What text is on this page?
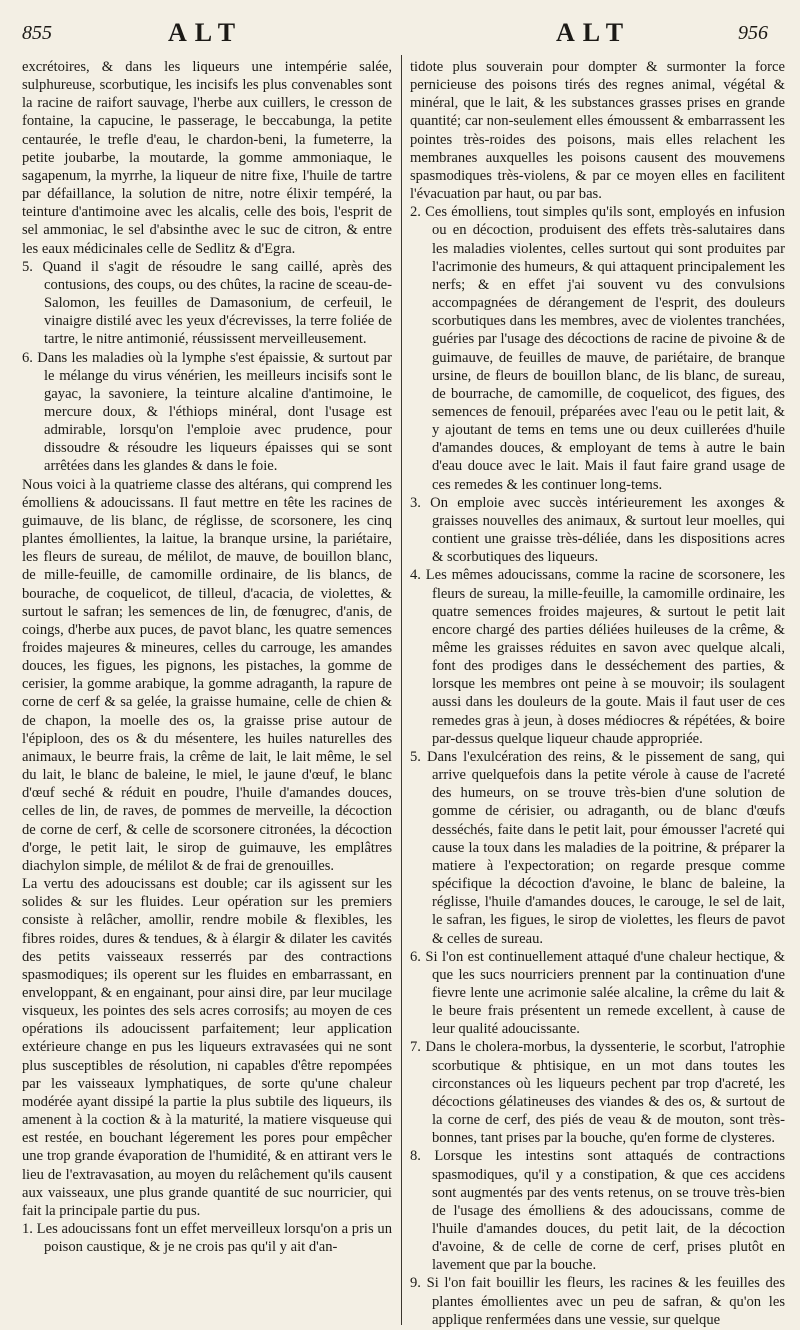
855	ALT	ALT	956

excrétoires, & dans les liqueurs une intempérie salée, sulphureuse, scorbutique, les incisifs les plus convenables sont la racine de raifort sauvage, l'herbe aux cuillers, le cresson de fontaine, la capucine, le passerage, le beccabunga, la petite centaurée, le trefle d'eau, le chardon-beni, la fumeterre, la petite joubarbe, la moutarde, la gomme ammoniaque, le sagapenum, la myrrhe, la liqueur de nitre fixe, l'huile de tartre par défaillance, la solution de nitre, notre élixir tempéré, la teinture d'antimoine avec les alcalis, celle des bois, l'esprit de sel ammoniac, le sel d'absinthe avec le suc de citron, & entre les eaux médicinales celle de Sedlitz & d'Egra.

5. Quand il s'agit de résoudre le sang caillé, après des contusions, des coups, ou des chûtes, la racine de sceau-de-Salomon, les feuilles de Damasonium, de cerfeuil, le vinaigre distilé avec les yeux d'écrevisses, la terre foliée de tartre, le nitre antimonié, réussissent merveilleusement.

6. Dans les maladies où la lymphe s'est épaissie, & surtout par le mélange du virus vénérien, les meilleurs incisifs sont le gayac, la savoniere, la teinture alcaline d'antimoine, le mercure doux, & l'éthiops minéral, dont l'usage est admirable, lorsqu'on l'emploie avec prudence, pour dissoudre & résoudre les liqueurs épaisses qui se sont arrêtées dans les glandes & dans le foie.

Nous voici à la quatrieme classe des altérans, qui comprend les émolliens & adoucissans. Il faut mettre en tête les racines de guimauve, de lis blanc, de réglisse, de scorsonere, les cinq plantes émollientes, la laitue, la branque ursine, la pariétaire, les fleurs de sureau, de mélilot, de mauve, de bouillon blanc, de mille-feuille, de camomille ordinaire, de lis blancs, de bourache, de coquelicot, de tilleul, d'acacia, de violettes, & surtout le safran; les semences de lin, de fœnugrec, d'anis, de coings, d'herbe aux puces, de pavot blanc, les quatre semences froides majeures & mineures, celles du carrouge, les amandes douces, les figues, les pignons, les pistaches, la gomme de cerisier, la gomme arabique, la gomme adraganth, la rapure de corne de cerf & sa gelée, la graisse humaine, celle de chien & de chapon, la moelle des os, la graisse prise autour de l'épiploon, des os & du mésentere, les huiles naturelles des animaux, le beurre frais, la crême de lait, le lait même, le sel du lait, le blanc de baleine, le miel, le jaune d'œuf, le blanc d'œuf seché & réduit en poudre, l'huile d'amandes douces, celles de lin, de raves, de pommes de merveille, la décoction de corne de cerf, & celle de scorsonere citronées, la décoction d'orge, le petit lait, le sirop de guimauve, les emplâtres diachylon simple, de mélilot & de frai de grenouilles.

La vertu des adoucissans est double; car ils agissent sur les solides & sur les fluides. Leur opération sur les premiers consiste à relâcher, amollir, rendre mobile & flexibles, les fibres roides, dures & tendues, & à élargir & dilater les cavités des petits vaisseaux resserrés par des contractions spasmodiques; ils operent sur les fluides en embarrassant, en enveloppant, & en engainant, pour ainsi dire, par leur mucilage visqueux, les pointes des sels acres corrosifs; au moyen de ces opérations ils adoucissent parfaitement; leur application extérieure change en pus les liqueurs extravasées qui ne sont plus susceptibles de résolution, ni capables d'être repompées par les vaisseaux lymphatiques, de sorte qu'une chaleur modérée ayant dissipé la partie la plus subtile des liqueurs, ils amenent à la coction & à la maturité, la matiere visqueuse qui est restée, en bouchant légerement les pores pour empêcher une trop grande évaporation de l'humidité, & en attirant vers le lieu de l'extravasation, au moyen du relâchement qu'ils causent aux vaisseaux, une plus grande quantité de suc nourricier, qui fait la principale partie du pus.

1. Les adoucissans font un effet merveilleux lorsqu'on a pris un poison caustique, & je ne crois pas qu'il y ait d'an-

tidote plus souverain pour dompter & surmonter la force pernicieuse des poisons tirés des regnes animal, végétal & minéral, que le lait, & les substances grasses prises en grande quantité; car non-seulement elles émoussent & embarrassent les pointes très-roides des poisons, mais elles relachent les membranes auxquelles les poisons causent des mouvemens spasmodiques très-violens, & par ce moyen elles en facilitent l'évacuation par haut, ou par bas.

2. Ces émolliens, tout simples qu'ils sont, employés en infusion ou en décoction, produisent des effets très-salutaires dans les maladies violentes, celles surtout qui sont produites par l'acrimonie des humeurs, & qui attaquent principalement les nerfs; & en effet j'ai souvent vu des convulsions accompagnées de dérangement de l'esprit, des douleurs scorbutiques dans les membres, avec de violentes tranchées, guéries par l'usage des décoctions de racine de pivoine & de guimauve, de feuilles de mauve, de pariétaire, de branque ursine, de fleurs de bouillon blanc, de lis blanc, de sureau, de bourrache, de camomille, de coquelicot, des figues, des semences de fenouil, préparées avec l'eau ou le petit lait, & y ajoutant de tems en tems une ou deux cuillerées d'huile d'amandes douces, & employant de tems à autre le bain d'eau douce avec le lait. Mais il faut faire grand usage de ces remedes & les continuer long-tems.

3. On emploie avec succès intérieurement les axonges & graisses nouvelles des animaux, & surtout leur moelles, qui contient une graisse très-déliée, dans les dispositions acres & scorbutiques des liqueurs.

4. Les mêmes adoucissans, comme la racine de scorsonere, les fleurs de sureau, la mille-feuille, la camomille ordinaire, les quatre semences froides majeures, & surtout le petit lait encore chargé des parties déliées huileuses de la crême, & même les graisses réduites en savon avec quelque alcali, font des prodiges dans le desséchement des parties, & lorsque les membres ont peine à se mouvoir; ils soulagent aussi dans les douleurs de la goute. Mais il faut user de ces remedes gras à jeun, à doses médiocres & répétées, & boire par-dessus quelque liqueur chaude appropriée.

5. Dans l'exulcération des reins, & le pissement de sang, qui arrive quelquefois dans la petite vérole à cause de l'acreté des humeurs, on se trouve très-bien d'une solution de gomme de cérisier, ou adraganth, ou de blanc d'œufs desséchés, faite dans le petit lait, pour émousser l'acreté qui cause la toux dans les maladies de la poitrine, & préparer la matiere à l'expectoration; on regarde presque comme spécifique la décoction d'avoine, le blanc de baleine, la réglisse, l'huile d'amandes douces, le carouge, le sel de lait, le safran, les figues, le sirop de violettes, les fleurs de pavot & celles de sureau.

6. Si l'on est continuellement attaqué d'une chaleur hectique, & que les sucs nourriciers prennent par la continuation d'une fievre lente une acrimonie salée alcaline, la crême du lait & le beure frais présentent un remede excellent, à cause de leur qualité adoucissante.

7. Dans le cholera-morbus, la dyssenterie, le scorbut, l'atrophie scorbutique & phtisique, en un mot dans toutes les circonstances où les liqueurs pechent par trop d'acreté, les décoctions gélatineuses des viandes & des os, & surtout de la corne de cerf, des piés de veau & de mouton, sont très-bonnes, tant prises par la bouche, qu'en forme de clysteres.

8. Lorsque les intestins sont attaqués de contractions spasmodiques, qu'il y a constipation, & que ces accidens sont augmentés par des vents retenus, on se trouve très-bien de l'usage des émolliens & des adoucissans, comme de l'huile d'amandes douces, du petit lait, de la décoction d'avoine, & de celle de corne de cerf, prises plutôt en lavement que par la bouche.

9. Si l'on fait bouillir les fleurs, les racines & les feuilles des plantes émollientes avec un peu de safran, & qu'on les applique renfermées dans une vessie, sur quelque
